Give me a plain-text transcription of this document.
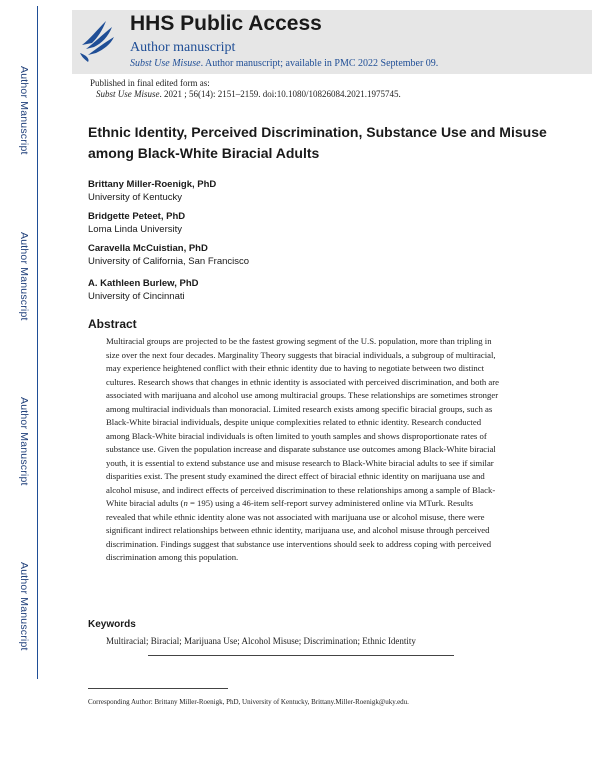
Author Manuscript
Author Manuscript
Author Manuscript
Author Manuscript
HHS Public Access
Author manuscript
Subst Use Misuse. Author manuscript; available in PMC 2022 September 09.
Published in final edited form as:
Subst Use Misuse. 2021 ; 56(14): 2151–2159. doi:10.1080/10826084.2021.1975745.
Ethnic Identity, Perceived Discrimination, Substance Use and Misuse among Black-White Biracial Adults
Brittany Miller-Roenigk, PhD
University of Kentucky
Bridgette Peteet, PhD
Loma Linda University
Caravella McCuistian, PhD
University of California, San Francisco
A. Kathleen Burlew, PhD
University of Cincinnati
Abstract
Multiracial groups are projected to be the fastest growing segment of the U.S. population, more than tripling in size over the next four decades. Marginality Theory suggests that biracial individuals, a subgroup of multiracial, may experience heightened conflict with their ethnic identity due to having to negotiate between two distinct cultures. Research shows that changes in ethnic identity is associated with perceived discrimination, and both are associated with marijuana and alcohol use among multiracial groups. These relationships are sometimes stronger among multiracial individuals than monoracial. Limited research exists among specific biracial groups, such as Black-White biracial individuals, despite unique complexities related to ethnic identity. Research conducted among Black-White biracial individuals is often limited to youth samples and shows disproportionate rates of substance use. Given the population increase and disparate substance use outcomes among Black-White biracial youth, it is essential to extend substance use and misuse research to Black-White biracial adults to see if similar disparities exist. The present study examined the direct effect of biracial ethnic identity on marijuana use and alcohol misuse, and indirect effects of perceived discrimination to these relationships among a sample of Black-White biracial adults (n = 195) using a 46-item self-report survey administered online via MTurk. Results revealed that while ethnic identity alone was not associated with marijuana use or alcohol misuse, there were significant indirect relationships between ethnic identity, marijuana use, and alcohol misuse through perceived discrimination. Findings suggest that substance use interventions should seek to address coping with perceived discrimination among this population.
Keywords
Multiracial; Biracial; Marijuana Use; Alcohol Misuse; Discrimination; Ethnic Identity
Corresponding Author: Brittany Miller-Roenigk, PhD, University of Kentucky, Brittany.Miller-Roenigk@uky.edu.
